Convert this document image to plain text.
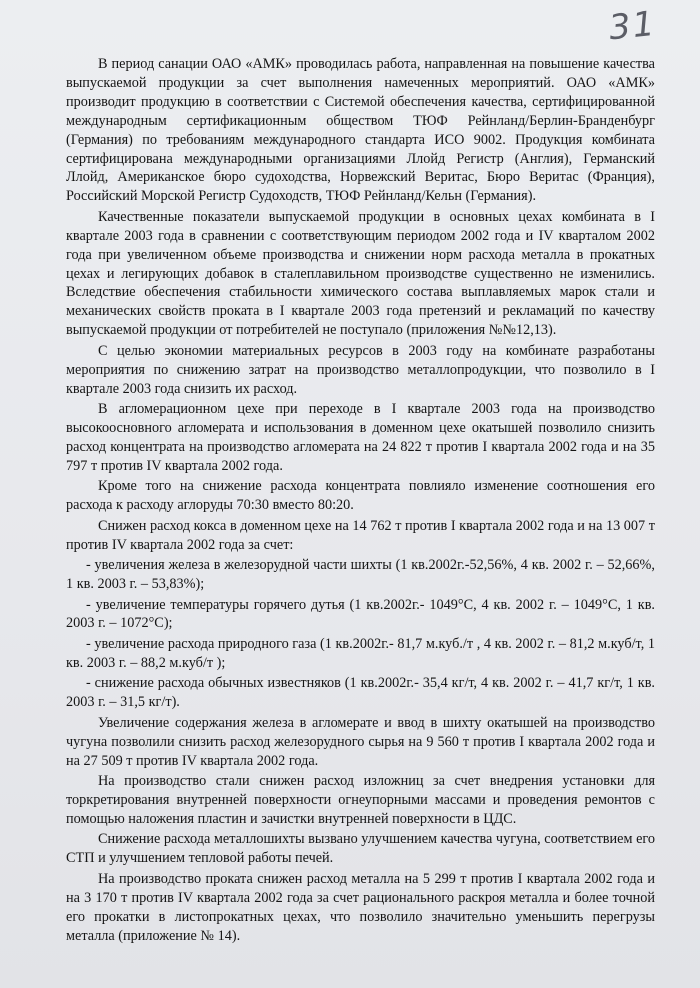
31

В период санации ОАО «АМК» проводилась работа, направленная на повышение качества выпускаемой продукции за счет выполнения намеченных мероприятий. ОАО «АМК» производит продукцию в соответствии с Системой обеспечения качества, сертифицированной международным сертификационным обществом ТЮФ Рейнланд/Берлин-Бранденбург (Германия) по требованиям международного стандарта ИСО 9002. Продукция комбината сертифицирована международными организациями Ллойд Регистр (Англия), Германский Ллойд, Американское бюро судоходства, Норвежский Веритас, Бюро Веритас (Франция), Российский Морской Регистр Судоходств, ТЮФ Рейнланд/Кельн (Германия).

Качественные показатели выпускаемой продукции в основных цехах комбината в I квартале 2003 года в сравнении с соответствующим периодом 2002 года и IV кварталом 2002 года при увеличенном объеме производства и снижении норм расхода металла в прокатных цехах и легирующих добавок в сталеплавильном производстве существенно не изменились. Вследствие обеспечения стабильности химического состава выплавляемых марок стали и механических свойств проката в I квартале 2003 года претензий и рекламаций по качеству выпускаемой продукции от потребителей не поступало (приложения №№12,13).

С целью экономии материальных ресурсов в 2003 году на комбинате разработаны мероприятия по снижению затрат на производство металлопродукции, что позволило в I квартале 2003 года снизить их расход.

В агломерационном цехе при переходе в I квартале 2003 года на производство высокоосновного агломерата и использования в доменном цехе окатышей позволило снизить расход концентрата на производство агломерата на 24 822 т против I квартала 2002 года и на 35 797 т против IV квартала 2002 года.

Кроме того на снижение расхода концентрата повлияло изменение соотношения его расхода к расходу аглоруды 70:30 вместо 80:20.

Снижен расход кокса в доменном цехе на 14 762 т против I квартала 2002 года и на 13 007 т против IV квартала 2002 года за счет:

- увеличения железа в железорудной части шихты (1 кв.2002г.-52,56%, 4 кв. 2002 г. – 52,66%, 1 кв. 2003 г. – 53,83%);

- увеличение температуры горячего дутья (1 кв.2002г.- 1049°С, 4 кв. 2002 г. – 1049°С, 1 кв. 2003 г. – 1072°С);

- увеличение расхода природного газа (1 кв.2002г.- 81,7 м.куб./т , 4 кв. 2002 г. – 81,2 м.куб/т, 1 кв. 2003 г. – 88,2 м.куб/т );

- снижение расхода обычных известняков (1 кв.2002г.- 35,4 кг/т, 4 кв. 2002 г. – 41,7 кг/т, 1 кв. 2003 г. – 31,5 кг/т).

Увеличение содержания железа в агломерате и ввод в шихту окатышей на производство чугуна позволили снизить расход железорудного сырья на 9 560 т против I квартала 2002 года и на 27 509 т против IV квартала 2002 года.

На производство стали снижен расход изложниц за счет внедрения установки для торкретирования внутренней поверхности огнеупорными массами и проведения ремонтов с помощью наложения пластин и зачистки внутренней поверхности в ЦДС.

Снижение расхода металлошихты вызвано улучшением качества чугуна, соответствием его СТП и улучшением тепловой работы печей.

На производство проката снижен расход металла на 5 299 т против I квартала 2002 года и на 3 170 т против IV квартала 2002 года за счет рационального раскроя металла и более точной его прокатки в листопрокатных цехах, что позволило значительно уменьшить перегрузы металла (приложение № 14).
